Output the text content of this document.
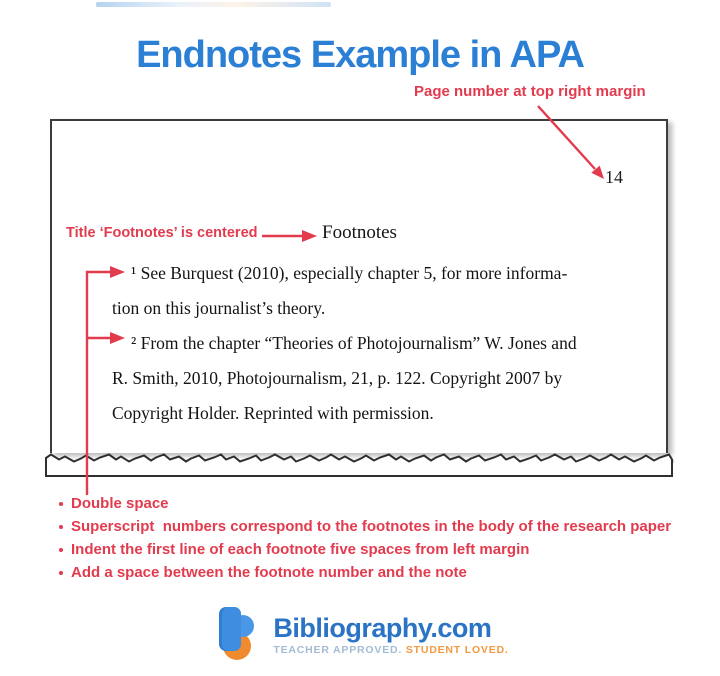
Endnotes Example in APA
Page number at top right margin
14
Title ‘Footnotes’ is centered	Footnotes
¹ See Burquest (2010), especially chapter 5, for more informa-
tion on this journalist’s theory.
² From the chapter “Theories of Photojournalism” W. Jones and
R. Smith, 2010, Photojournalism, 21, p. 122. Copyright 2007 by
Copyright Holder. Reprinted with permission.
Double space
Superscript  numbers correspond to the footnotes in the body of the research paper
Indent the first line of each footnote five spaces from left margin
Add a space between the footnote number and the note
Bibliography.com
TEACHER APPROVED. STUDENT LOVED.
